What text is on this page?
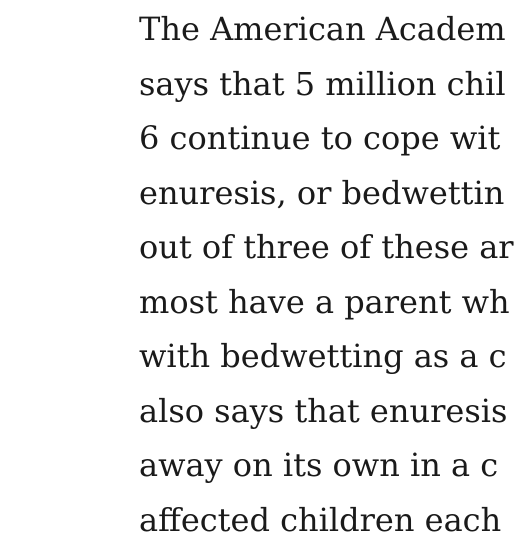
The American Academ
says that 5 million chil
6 continue to cope wit
enuresis, or bedwettin
out of three of these ar
most have a parent wh
with bedwetting as a c
also says that enuresis
away on its own in a c
affected children each
